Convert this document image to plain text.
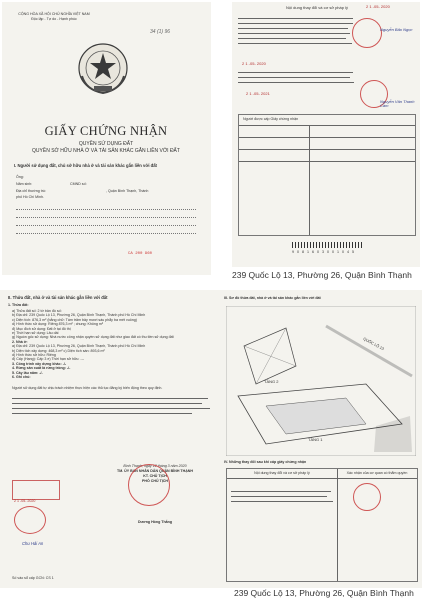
CỘNG HÒA XÃ HỘI CHỦ NGHĨA VIỆT NAM
Độc lập - Tự do - Hạnh phúc
34 (1) 96
GIẤY CHỨNG NHẬN
QUYỀN SỬ DỤNG ĐẤT
QUYỀN SỞ HỮU NHÀ Ở VÀ TÀI SẢN KHÁC GẮN LIỀN VỚI ĐẤT
I. Người sử dụng đất, chủ sở hữu nhà ở và tài sản khác gắn liền với đất
Ông:
Năm sinh:	CMND số:
Địa chỉ thường trú:	, Quận Bình Thạnh, Thành
phố Hồ Chí Minh.
CA 200 960
Nội dung thay đổi và cơ sở pháp lý	2 1 -05- 2020
Nguyễn Bảo Ngọc
2 1 -05- 2020
2 1 -05- 2021
Nguyễn Văn Thanh Cầm
Người được cấp Giấy chứng nhận
9 0 8 1 6 0 3 0 0 1 0 4 5
239 Quốc Lộ 13, Phường 26, Quận Bình Thạnh
II. Thửa đất, nhà ở và tài sản khác gắn liền với đất
1. Thửa đất:
a) Thửa đất số: 2 tờ bản đồ số:
b) Địa chỉ: 239 Quốc Lộ 13, Phường 26, Quận Bình Thạnh, Thành phố Hồ Chí Minh
c) Diện tích: 876,3 m² (bằng chữ: Tám trăm bảy mươi sáu phẩy ba mét vuông)
d) Hình thức sử dụng: Riêng 876,3 m² ; chung: Không m²
đ) Mục đích sử dụng: Đất ở tại đô thị
e) Thời hạn sử dụng: Lâu dài
g) Nguồn gốc sử dụng: Nhà nước công nhận quyền sử dụng đất như giao đất có thu tiền sử dụng đất
2. Nhà ở:
a) Địa chỉ: 239 Quốc Lộ 13, Phường 26, Quận Bình Thạnh, Thành phố Hồ Chí Minh
b) Diện tích xây dựng: 468,3 m² c) Diện tích sàn: 893,6 m²
d) Hình thức sở hữu: Riêng
đ) Cấp (Hạng): Cấp 3 e) Thời hạn sở hữu: ---
3. Công trình xây dựng khác: -/-
4. Rừng sản xuất là rừng trồng: -/-
5. Cây lâu năm: -/-
6. Ghi chú:
Người sử dụng đất tự chịu trách nhiệm thực hiện các thủ tục đăng ký biến động theo quy định.
Bình Thạnh, ngày 12 tháng 3 năm 2020
TM. ỦY BAN NHÂN DÂN QUẬN BÌNH THẠNH
KT. CHỦ TỊCH
PHÓ CHỦ TỊCH
Dương Hồng Thắng
2 1 -05- 2020
Chu Hải An
Số vào sổ cấp GCN: CS 1
III. Sơ đồ thửa đất, nhà ở và tài sản khác gắn liền với đất
TẦNG 2
TẦNG 1
QUỐC LỘ 13
IV. Những thay đổi sau khi cấp giấy chứng nhận
Nội dung thay đổi và cơ sở pháp lý	Xác nhận của cơ quan có thẩm quyền
239 Quốc Lộ 13, Phường 26, Quận Bình Thạnh
